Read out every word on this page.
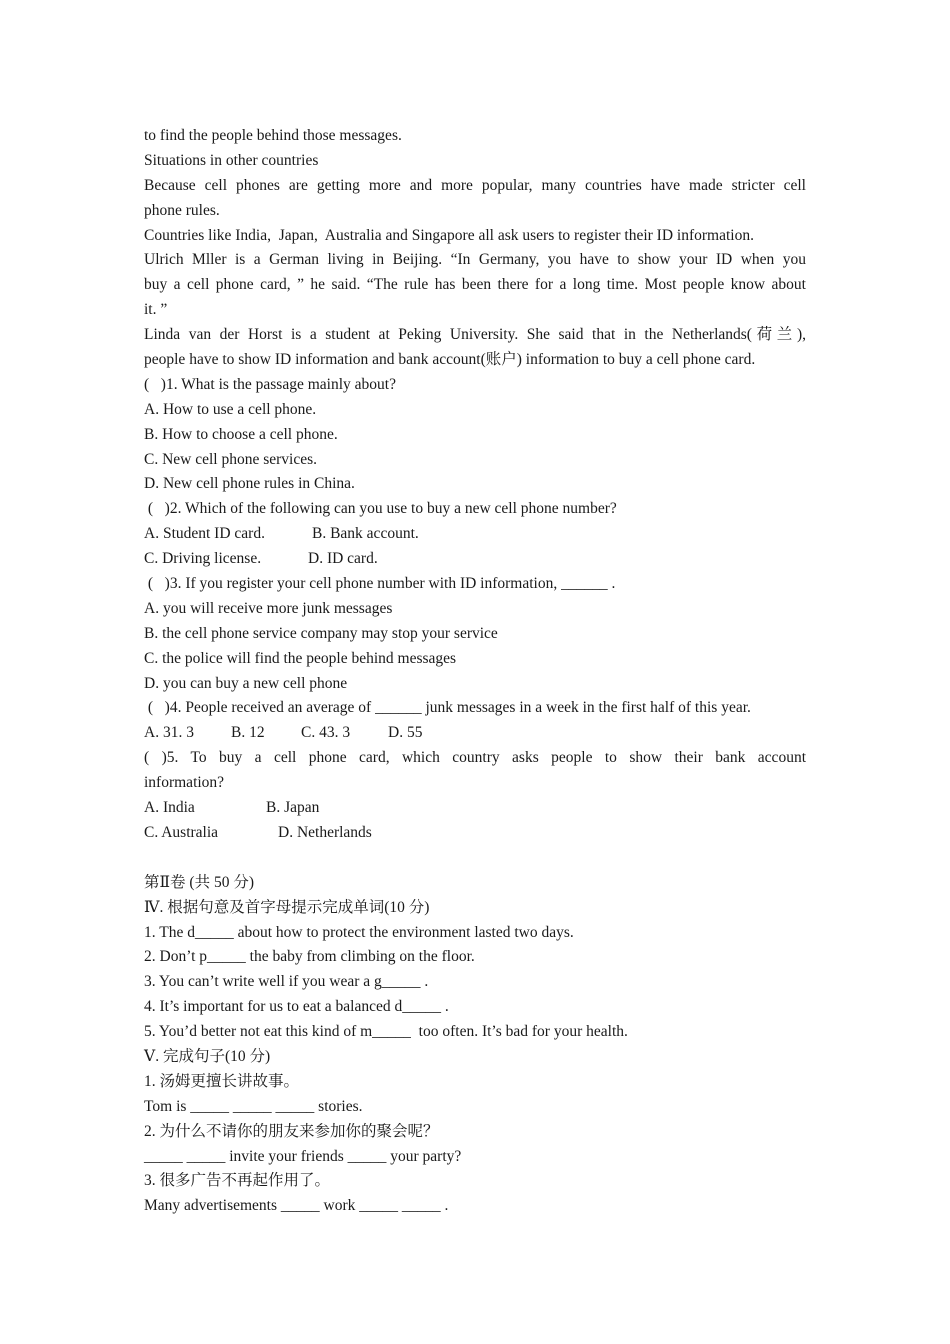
to find the people behind those messages.
Situations in other countries
Because cell phones are getting more and more popular, many countries have made stricter cell
phone rules.
Countries like India,  Japan,  Australia and Singapore all ask users to register their ID information.
Ulrich Mller is a German living in Beijing. “In Germany, you have to show your ID when you
buy a cell phone card, ” he said. “The rule has been there for a long time. Most people know about
it. ”
Linda van der Horst is a student at Peking University. She said that in the Netherlands(荷兰),
people have to show ID information and bank account(账户) information to buy a cell phone card.
(   )1. What is the passage mainly about?
A. How to use a cell phone.
B. How to choose a cell phone.
C. New cell phone services.
D. New cell phone rules in China.
(   )2. Which of the following can you use to buy a new cell phone number?
A. Student ID card.	B. Bank account.
C. Driving license.	D. ID card.
(   )3. If you register your cell phone number with ID information, ______ .
A. you will receive more junk messages
B. the cell phone service company may stop your service
C. the police will find the people behind messages
D. you can buy a new cell phone
(   )4. People received an average of ______ junk messages in a week in the first half of this year.
A. 31. 3	B. 12	C. 43. 3	D. 55
( )5. To buy a cell phone card, which country asks people to show their bank account
information?
A. India	B. Japan
C. Australia	D. Netherlands
第Ⅱ卷 (共 50 分)
Ⅳ. 根据句意及首字母提示完成单词(10 分)
1. The d_____ about how to protect the environment lasted two days.
2. Don’t p_____ the baby from climbing on the floor.
3. You can’t write well if you wear a g_____ .
4. It’s important for us to eat a balanced d_____ .
5. You’d better not eat this kind of m_____  too often. It’s bad for your health.
Ⅴ. 完成句子(10 分)
1. 汤姆更擅长讲故事。
Tom is _____ _____ _____ stories.
2. 为什么不请你的朋友来参加你的聚会呢？
_____ _____ invite your friends _____ your party?
3. 很多广告不再起作用了。
Many advertisements _____ work _____ _____ .
